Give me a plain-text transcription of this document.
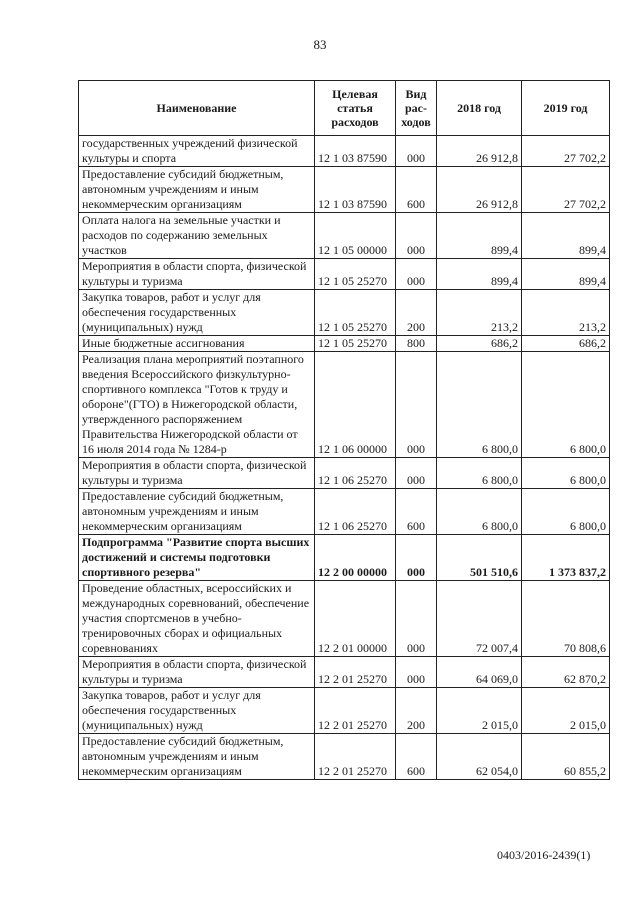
83
Наименование	Целевая статья расходов	Вид рас-ходов	2018 год	2019 год
государственных учреждений физической культуры и спорта	12 1 03 87590	000	26 912,8	27 702,2
Предоставление субсидий бюджетным, автономным учреждениям и иным некоммерческим организациям	12 1 03 87590	600	26 912,8	27 702,2
Оплата налога на земельные участки и расходов по содержанию земельных участков	12 1 05 00000	000	899,4	899,4
Мероприятия в области спорта, физической культуры и туризма	12 1 05 25270	000	899,4	899,4
Закупка товаров, работ и услуг для обеспечения государственных (муниципальных) нужд	12 1 05 25270	200	213,2	213,2
Иные бюджетные ассигнования	12 1 05 25270	800	686,2	686,2
Реализация плана мероприятий поэтапного введения Всероссийского физкультурно-спортивного комплекса "Готов к труду и обороне"(ГТО) в Нижегородской области, утвержденного распоряжением Правительства Нижегородской области от 16 июля 2014 года № 1284-р	12 1 06 00000	000	6 800,0	6 800,0
Мероприятия в области спорта, физической культуры и туризма	12 1 06 25270	000	6 800,0	6 800,0
Предоставление субсидий бюджетным, автономным учреждениям и иным некоммерческим организациям	12 1 06 25270	600	6 800,0	6 800,0
Подпрограмма "Развитие спорта высших достижений и системы подготовки спортивного резерва"	12 2 00 00000	000	501 510,6	1 373 837,2
Проведение областных, всероссийских и международных соревнований, обеспечение участия спортсменов в учебно-тренировочных сборах и официальных соревнованиях	12 2 01 00000	000	72 007,4	70 808,6
Мероприятия в области спорта, физической культуры и туризма	12 2 01 25270	000	64 069,0	62 870,2
Закупка товаров, работ и услуг для обеспечения государственных (муниципальных) нужд	12 2 01 25270	200	2 015,0	2 015,0
Предоставление субсидий бюджетным, автономным учреждениям и иным некоммерческим организациям	12 2 01 25270	600	62 054,0	60 855,2
0403/2016-2439(1)
